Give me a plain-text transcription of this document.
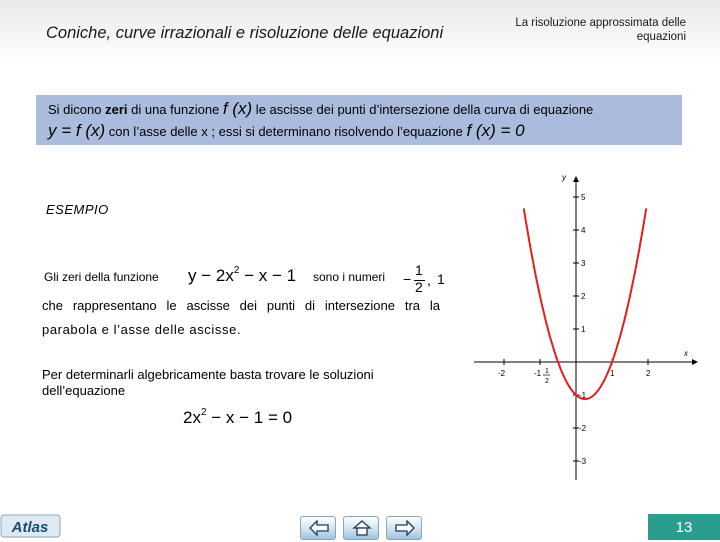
Coniche, curve irrazionali e risoluzione delle equazioni
La risoluzione approssimata delle equazioni
Si dicono zeri di una funzione f (x) le ascisse dei punti d’intersezione della curva di equazione
y = f (x) con l’asse delle x ; essi si determinano risolvendo l’equazione f (x) = 0
ESEMPIO
Gli zeri della funzione $y - 2x^2 - x - 1$ sono i numeri −
1
2 , 1
che rappresentano le ascisse dei punti di intersezione tra la
parabola e l’asse delle ascisse.
Per determinarli algebricamente basta trovare le soluzioni dell’equazione
$2x^2 - x - 1 = 0$
x
y
-2	-1	1	2
1
2
5
4
3
2
1
-1
-2
-3
Atlas	13
